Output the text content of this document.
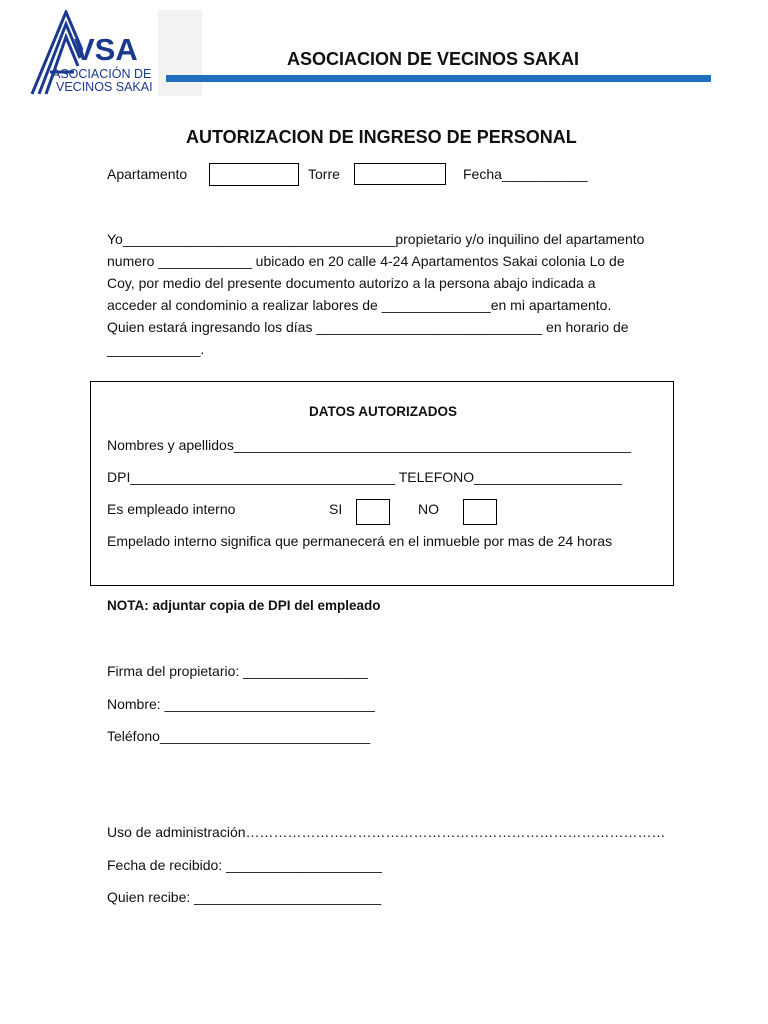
VSA
ASOCIACIÓN DE
VECINOS SAKAI
ASOCIACION DE VECINOS SAKAI
AUTORIZACION DE INGRESO DE PERSONAL
Apartamento	Torre	Fecha___________
Yo___________________________________propietario y/o inquilino del apartamento
numero ____________ ubicado en 20 calle 4-24 Apartamentos Sakai colonia Lo de
Coy, por medio del presente documento autorizo a la persona abajo indicada a
acceder al condominio a realizar labores de ______________en mi apartamento.
Quien estará ingresando los días _____________________________ en horario de
____________.
DATOS AUTORIZADOS
Nombres y apellidos___________________________________________________
DPI__________________________________ TELEFONO___________________
Es empleado interno	SI	NO
Empelado interno significa que permanecerá en el inmueble por mas de 24 horas
NOTA: adjuntar copia de DPI del empleado
Firma del propietario: ________________
Nombre: ___________________________
Teléfono___________________________
Uso de administración………………………………………………………………………………
Fecha de recibido: ____________________
Quien recibe: ________________________
